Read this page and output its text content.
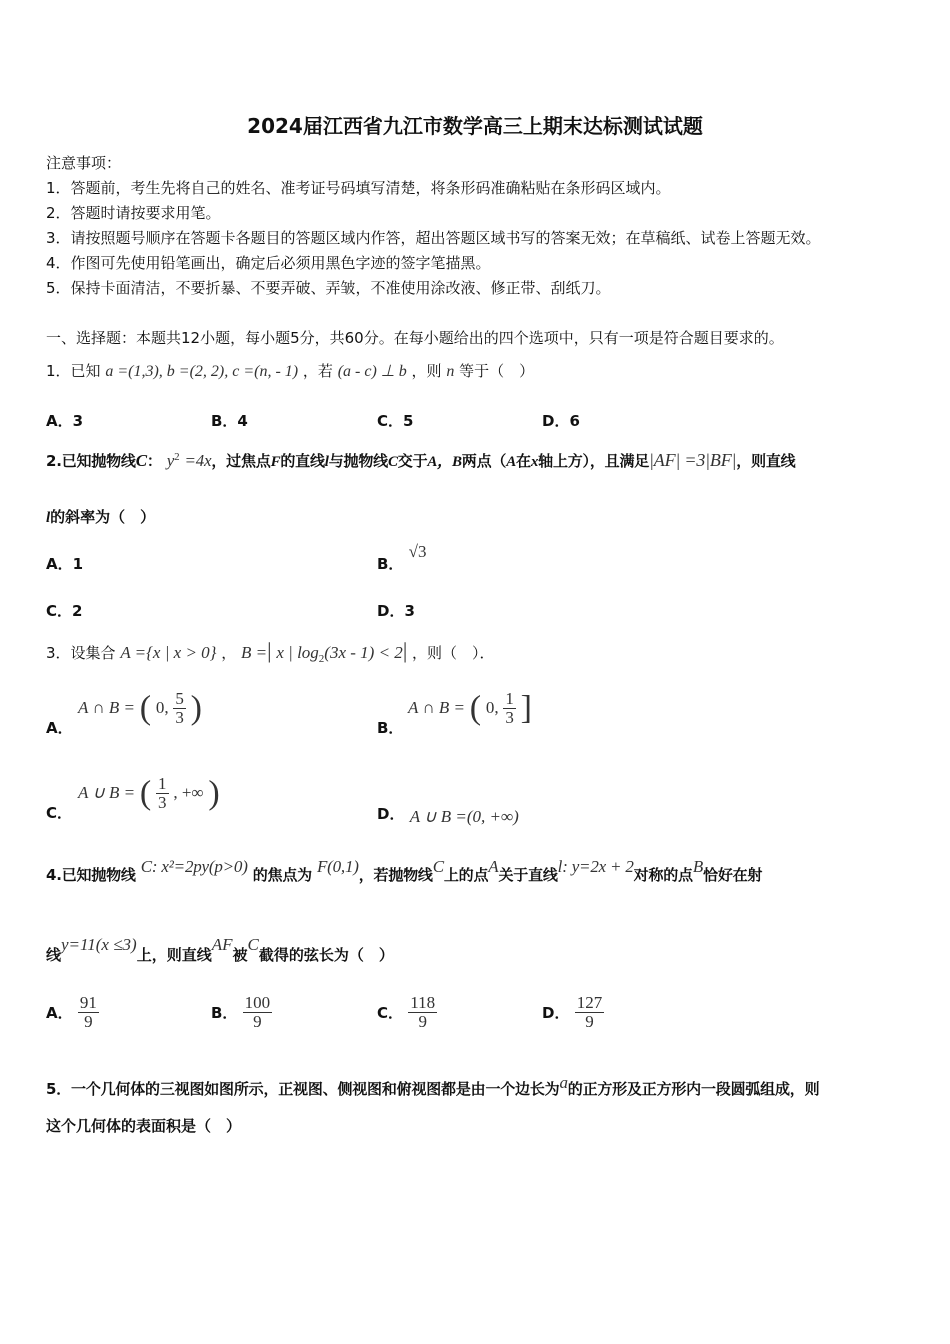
2024届江西省九江市数学高三上期末达标测试试题
注意事项：
1．答题前，考生先将自己的姓名、准考证号码填写清楚，将条形码准确粘贴在条形码区域内。
2．答题时请按要求用笔。
3．请按照题号顺序在答题卡各题目的答题区域内作答，超出答题区域书写的答案无效；在草稿纸、试卷上答题无效。
4．作图可先使用铅笔画出，确定后必须用黑色字迹的签字笔描黑。
5．保持卡面清洁，不要折暴、不要弄破、弄皱，不准使用涂改液、修正带、刮纸刀。
一、选择题：本题共12小题，每小题5分，共60分。在每小题给出的四个选项中，只有一项是符合题目要求的。
1．已知 a =(1,3), b =(2, 2), c =(n, - 1) ，若 (a - c) ⊥ b ，则 n 等于（　）
A．3	B．4	C．5	D．6
2.已知抛物线C： $y^2 =4x$，过焦点F的直线l与抛物线C交于A，B两点（A在x轴上方），且满足|AF| =3|BF|，则直线
l的斜率为（　）
A．1	B． √3
C．2	D．3
3．设集合 A ={x | x > 0} ， B =| x | $\log_2(3x - 1) < 2|$ ，则（　）．
A．
A ∩ B = ( 0, $\frac{5}{3}$ )
B．
A ∩ B = ( 0, $\frac{1}{3}$ ]
C．
A ∪ B = ( $\frac{1}{3}$ , +∞ )
D． A ∪ B =(0, +∞)
4.已知抛物线 C: x²=2py(p>0) 的焦点为 F(0,1)，若抛物线C上的点A关于直线l: y=2x + 2对称的点B恰好在射
线y=11(x ≤3)上，则直线AF被C截得的弦长为（　）
A． $\frac{91}{9}$	B． $\frac{100}{9}$	C． $\frac{118}{9}$	D． $\frac{127}{9}$
5．一个几何体的三视图如图所示，正视图、侧视图和俯视图都是由一个边长为a的正方形及正方形内一段圆弧组成，则
这个几何体的表面积是（　）
